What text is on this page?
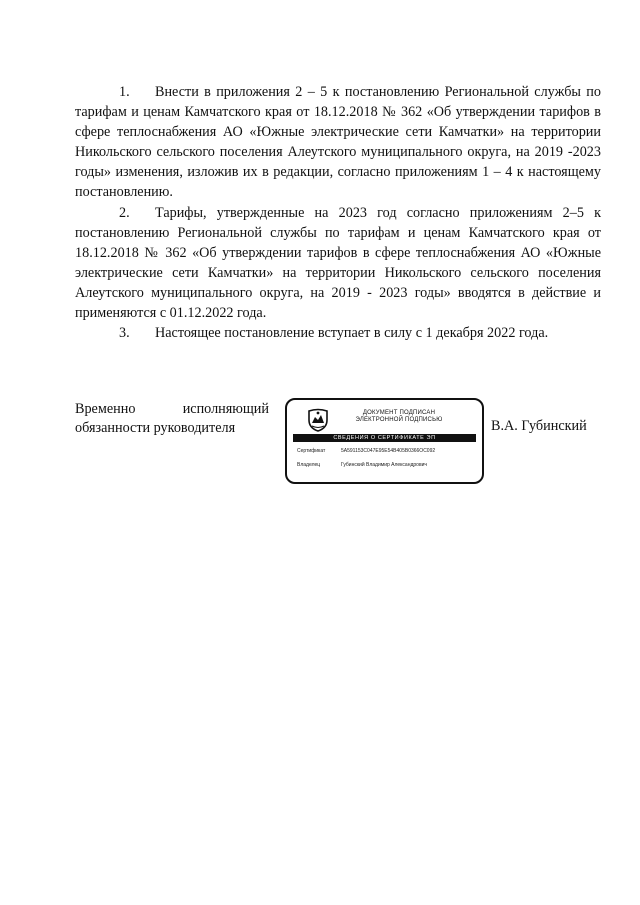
1. Внести в приложения 2 – 5 к постановлению Региональной службы по тарифам и ценам Камчатского края от 18.12.2018 № 362 «Об утверждении тарифов в сфере теплоснабжения АО «Южные электрические сети Камчатки» на территории Никольского сельского поселения Алеутского муниципального округа, на 2019 -2023 годы» изменения, изложив их в редакции, согласно приложениям 1 – 4 к настоящему постановлению.

2. Тарифы, утвержденные на 2023 год согласно приложениям 2–5 к постановлению Региональной службы по тарифам и ценам Камчатского края от 18.12.2018 № 362 «Об утверждении тарифов в сфере теплоснабжения АО «Южные электрические сети Камчатки» на территории Никольского сельского поселения Алеутского муниципального округа, на 2019 - 2023 годы» вводятся в действие и применяются с 01.12.2022 года.

3. Настоящее постановление вступает в силу с 1 декабря 2022 года.

Временно исполняющий
обязанности руководителя
ДОКУМЕНТ ПОДПИСАН
ЭЛЕКТРОННОЙ ПОДПИСЬЮ
СВЕДЕНИЯ О СЕРТИФИКАТЕ ЭП
Сертификат	5А591153С047Е95Е54В405В0366ОС092
Владелец	Губинский Владимир Александрович
В.А. Губинский
